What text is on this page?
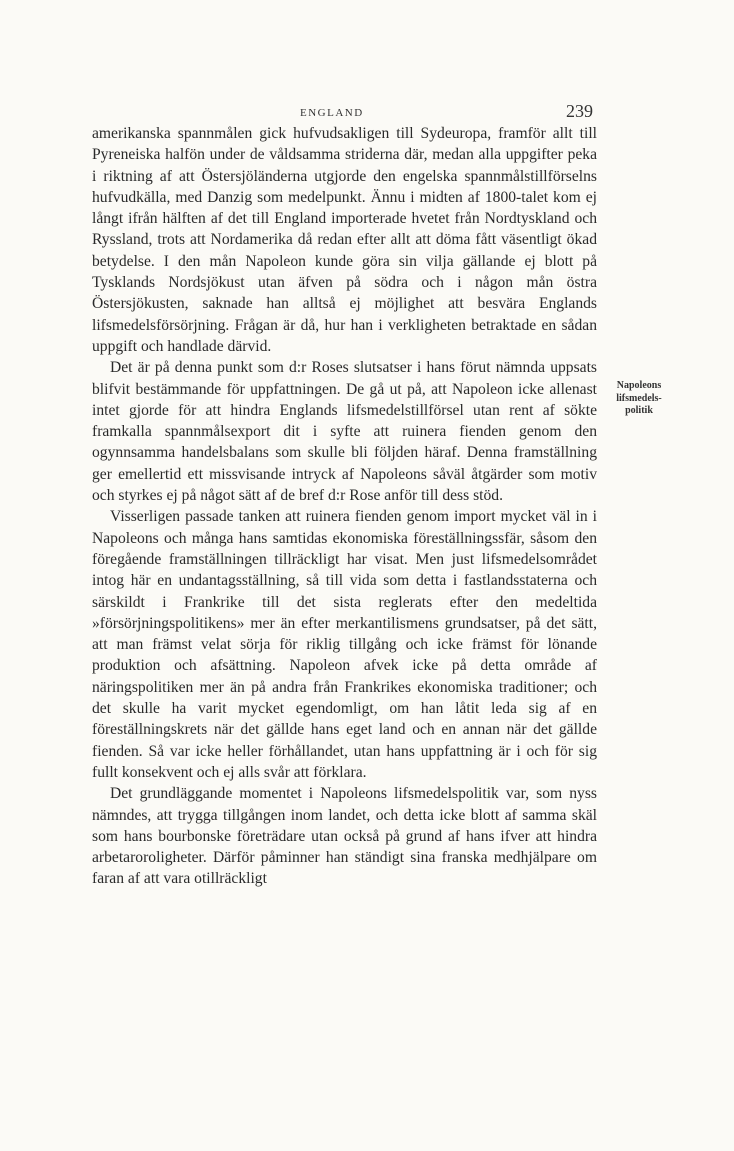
ENGLAND	239

amerikanska spannmålen gick hufvudsakligen till Sydeuropa, framför allt till Pyreneiska halfön under de våldsamma striderna där, medan alla uppgifter peka i riktning af att Östersjöländerna utgjorde den engelska spannmålstillförselns hufvudkälla, med Danzig som medelpunkt. Ännu i midten af 1800-talet kom ej långt ifrån hälften af det till England importerade hvetet från Nordtyskland och Ryssland, trots att Nordamerika då redan efter allt att döma fått väsentligt ökad betydelse. I den mån Napoleon kunde göra sin vilja gällande ej blott på Tysklands Nordsjökust utan äfven på södra och i någon mån östra Östersjökusten, saknade han alltså ej möjlighet att besvära Englands lifsmedelsförsörjning. Frågan är då, hur han i verkligheten betraktade en sådan uppgift och handlade därvid.

Det är på denna punkt som d:r Roses slutsatser i hans förut nämnda uppsats blifvit bestämmande för uppfattningen. De gå ut på, att Napoleon icke allenast intet gjorde för att hindra Englands lifsmedelstillförsel utan rent af sökte framkalla spannmålsexport dit i syfte att ruinera fienden genom den ogynnsamma handelsbalans som skulle bli följden häraf. Denna framställning ger emellertid ett missvisande intryck af Napoleons såväl åtgärder som motiv och styrkes ej på något sätt af de bref d:r Rose anför till dess stöd.

Visserligen passade tanken att ruinera fienden genom import mycket väl in i Napoleons och många hans samtidas ekonomiska föreställningssfär, såsom den föregående framställningen tillräckligt har visat. Men just lifsmedelsområdet intog här en undantagsställning, så till vida som detta i fastlandsstaterna och särskildt i Frankrike till det sista reglerats efter den medeltida »försörjningspolitikens» mer än efter merkantilismens grundsatser, på det sätt, att man främst velat sörja för riklig tillgång och icke främst för lönande produktion och afsättning. Napoleon afvek icke på detta område af näringspolitiken mer än på andra från Frankrikes ekonomiska traditioner; och det skulle ha varit mycket egendomligt, om han låtit leda sig af en föreställningskrets när det gällde hans eget land och en annan när det gällde fienden. Så var icke heller förhållandet, utan hans uppfattning är i och för sig fullt konsekvent och ej alls svår att förklara.

Det grundläggande momentet i Napoleons lifsmedelspolitik var, som nyss nämndes, att trygga tillgången inom landet, och detta icke blott af samma skäl som hans bourbonske företrädare utan också på grund af hans ifver att hindra arbetaroroligheter. Därför påminner han ständigt sina franska medhjälpare om faran af att vara otillräckligt

Napoleons
lifsmedels-
politik
